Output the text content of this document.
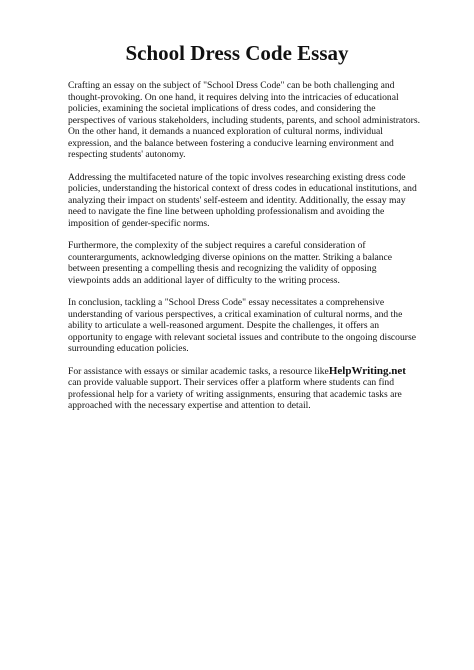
School Dress Code Essay

Crafting an essay on the subject of "School Dress Code" can be both challenging and thought-provoking. On one hand, it requires delving into the intricacies of educational policies, examining the societal implications of dress codes, and considering the perspectives of various stakeholders, including students, parents, and school administrators. On the other hand, it demands a nuanced exploration of cultural norms, individual expression, and the balance between fostering a conducive learning environment and respecting students' autonomy.

Addressing the multifaceted nature of the topic involves researching existing dress code policies, understanding the historical context of dress codes in educational institutions, and analyzing their impact on students' self-esteem and identity. Additionally, the essay may need to navigate the fine line between upholding professionalism and avoiding the imposition of gender-specific norms.

Furthermore, the complexity of the subject requires a careful consideration of counterarguments, acknowledging diverse opinions on the matter. Striking a balance between presenting a compelling thesis and recognizing the validity of opposing viewpoints adds an additional layer of difficulty to the writing process.

In conclusion, tackling a "School Dress Code" essay necessitates a comprehensive understanding of various perspectives, a critical examination of cultural norms, and the ability to articulate a well-reasoned argument. Despite the challenges, it offers an opportunity to engage with relevant societal issues and contribute to the ongoing discourse surrounding education policies.

For assistance with essays or similar academic tasks, a resource likeHelpWriting.net can provide valuable support. Their services offer a platform where students can find professional help for a variety of writing assignments, ensuring that academic tasks are approached with the necessary expertise and attention to detail.
